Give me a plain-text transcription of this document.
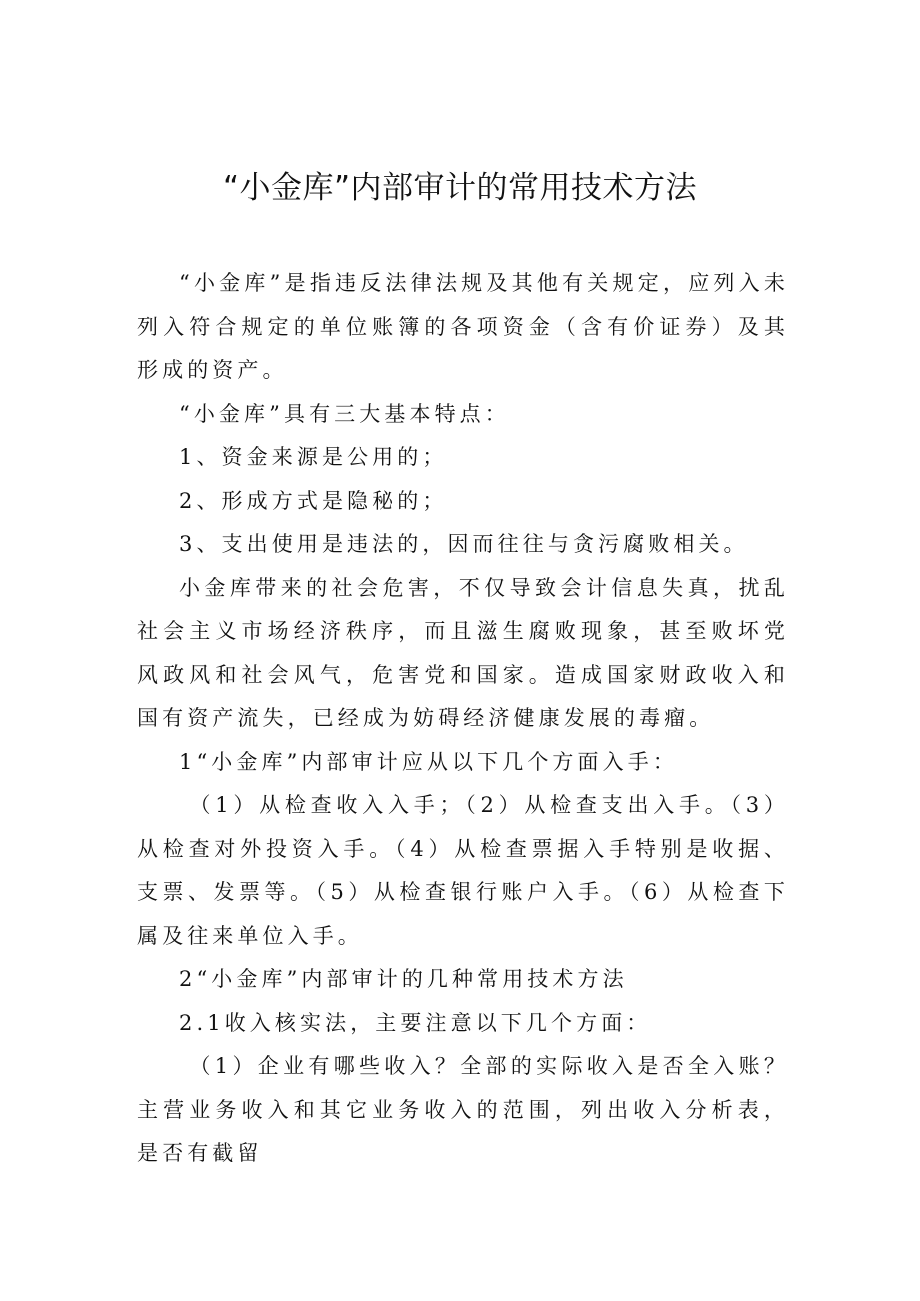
“小金库”内部审计的常用技术方法

“小金库”是指违反法律法规及其他有关规定，应列入未列入符合规定的单位账簿的各项资金（含有价证券）及其形成的资产。

“小金库”具有三大基本特点：

1、资金来源是公用的；

2、形成方式是隐秘的；

3、支出使用是违法的，因而往往与贪污腐败相关。

小金库带来的社会危害，不仅导致会计信息失真，扰乱社会主义市场经济秩序，而且滋生腐败现象，甚至败坏党风政风和社会风气，危害党和国家。造成国家财政收入和国有资产流失，已经成为妨碍经济健康发展的毒瘤。

1“小金库”内部审计应从以下几个方面入手：

（1）从检查收入入手；（2）从检查支出入手。（3）从检查对外投资入手。（4）从检查票据入手特别是收据、支票、发票等。（5）从检查银行账户入手。（6）从检查下属及往来单位入手。

2“小金库”内部审计的几种常用技术方法

2.1收入核实法，主要注意以下几个方面：

（1）企业有哪些收入？全部的实际收入是否全入账？主营业务收入和其它业务收入的范围，列出收入分析表，是否有截留
